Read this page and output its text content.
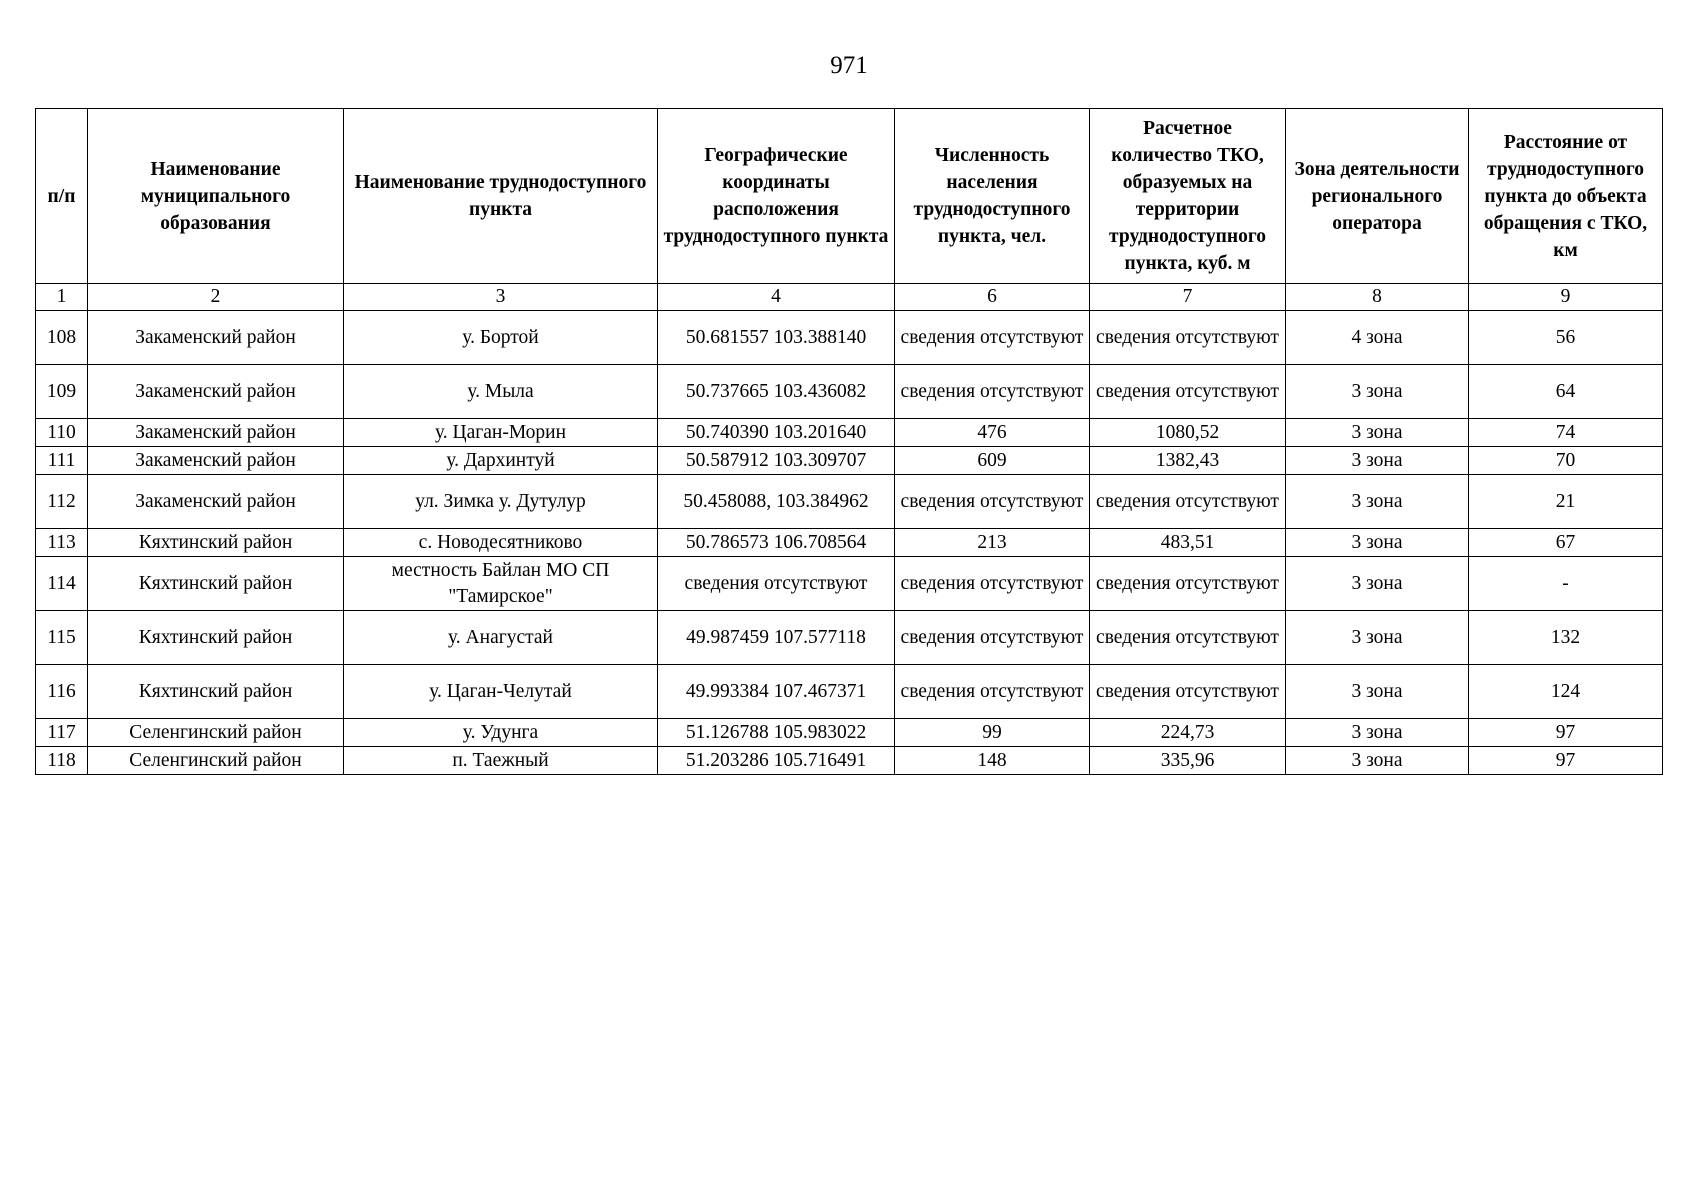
971
п/п	Наименование муниципального образования	Наименование труднодоступного пункта	Географические координаты расположения труднодоступного пункта	Численность населения труднодоступного пункта, чел.	Расчетное количество ТКО, образуемых на территории труднодоступного пункта, куб. м	Зона деятельности регионального оператора	Расстояние от труднодоступного пункта до объекта обращения с ТКО, км
1	2	3	4	6	7	8	9
108	Закаменский район	у. Бортой	50.681557 103.388140	сведения отсутствуют	сведения отсутствуют	4 зона	56
109	Закаменский район	у. Мыла	50.737665 103.436082	сведения отсутствуют	сведения отсутствуют	3 зона	64
110	Закаменский район	у. Цаган-Морин	50.740390 103.201640	476	1080,52	3 зона	74
111	Закаменский район	у. Дархинтуй	50.587912 103.309707	609	1382,43	3 зона	70
112	Закаменский район	ул. Зимка у. Дутулур	50.458088, 103.384962	сведения отсутствуют	сведения отсутствуют	3 зона	21
113	Кяхтинский район	с. Новодесятниково	50.786573 106.708564	213	483,51	3 зона	67
114	Кяхтинский район	местность Байлан МО СП "Тамирское"	сведения отсутствуют	сведения отсутствуют	сведения отсутствуют	3 зона	-
115	Кяхтинский район	у. Анагустай	49.987459 107.577118	сведения отсутствуют	сведения отсутствуют	3 зона	132
116	Кяхтинский район	у. Цаган-Челутай	49.993384 107.467371	сведения отсутствуют	сведения отсутствуют	3 зона	124
117	Селенгинский район	у. Удунга	51.126788 105.983022	99	224,73	3 зона	97
118	Селенгинский район	п. Таежный	51.203286 105.716491	148	335,96	3 зона	97
